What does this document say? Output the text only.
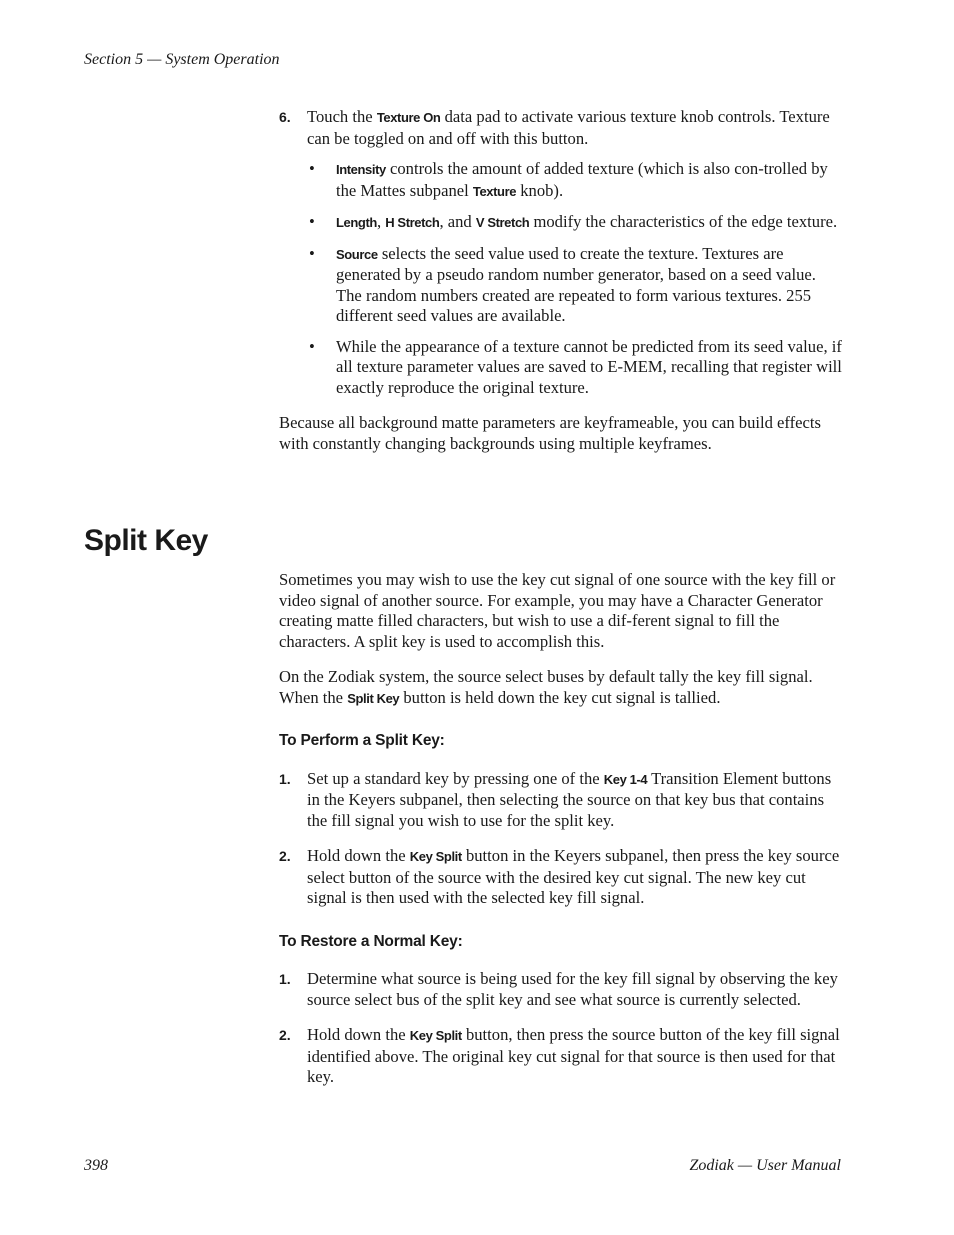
Section 5 — System Operation
6. Touch the Texture On data pad to activate various texture knob controls. Texture can be toggled on and off with this button.
• Intensity controls the amount of added texture (which is also con-trolled by the Mattes subpanel Texture knob).
• Length, H Stretch, and V Stretch modify the characteristics of the edge texture.
• Source selects the seed value used to create the texture. Textures are generated by a pseudo random number generator, based on a seed value. The random numbers created are repeated to form various textures. 255 different seed values are available.
• While the appearance of a texture cannot be predicted from its seed value, if all texture parameter values are saved to E-MEM, recalling that register will exactly reproduce the original texture.

Because all background matte parameters are keyframeable, you can build effects with constantly changing backgrounds using multiple keyframes.

Split Key

Sometimes you may wish to use the key cut signal of one source with the key fill or video signal of another source. For example, you may have a Character Generator creating matte filled characters, but wish to use a dif-ferent signal to fill the characters. A split key is used to accomplish this.

On the Zodiak system, the source select buses by default tally the key fill signal. When the Split Key button is held down the key cut signal is tallied.

To Perform a Split Key:
1. Set up a standard key by pressing one of the Key 1-4 Transition Element buttons in the Keyers subpanel, then selecting the source on that key bus that contains the fill signal you wish to use for the split key.
2. Hold down the Key Split button in the Keyers subpanel, then press the key source select button of the source with the desired key cut signal. The new key cut signal is then used with the selected key fill signal.
To Restore a Normal Key:
1. Determine what source is being used for the key fill signal by observing the key source select bus of the split key and see what source is currently selected.
2. Hold down the Key Split button, then press the source button of the key fill signal identified above. The original key cut signal for that source is then used for that key.
398	Zodiak — User Manual
